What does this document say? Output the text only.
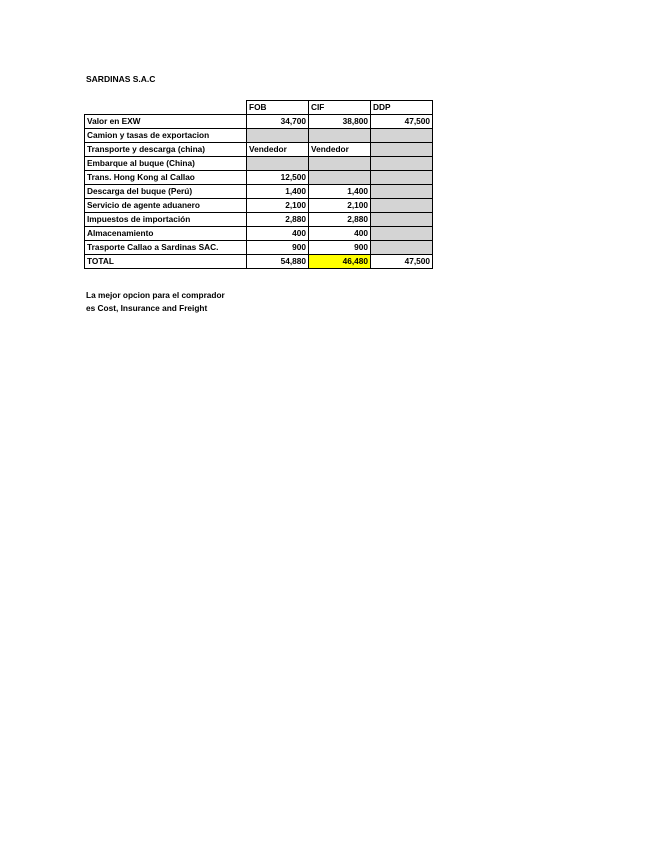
SARDINAS S.A.C
	FOB	CIF	DDP
Valor en EXW	34,700	38,800	47,500
Camion y tasas de exportacion			
Transporte y descarga (china)	Vendedor	Vendedor	
Embarque al buque (China)			
Trans. Hong Kong al Callao	12,500		
Descarga del buque (Perú)	1,400	1,400	
Servicio de agente aduanero	2,100	2,100	
Impuestos de importación	2,880	2,880	
Almacenamiento	400	400	
Trasporte Callao a Sardinas SAC.	900	900	
TOTAL	54,880	46,480	47,500
La mejor opcion para el comprador
es Cost, Insurance and Freight
